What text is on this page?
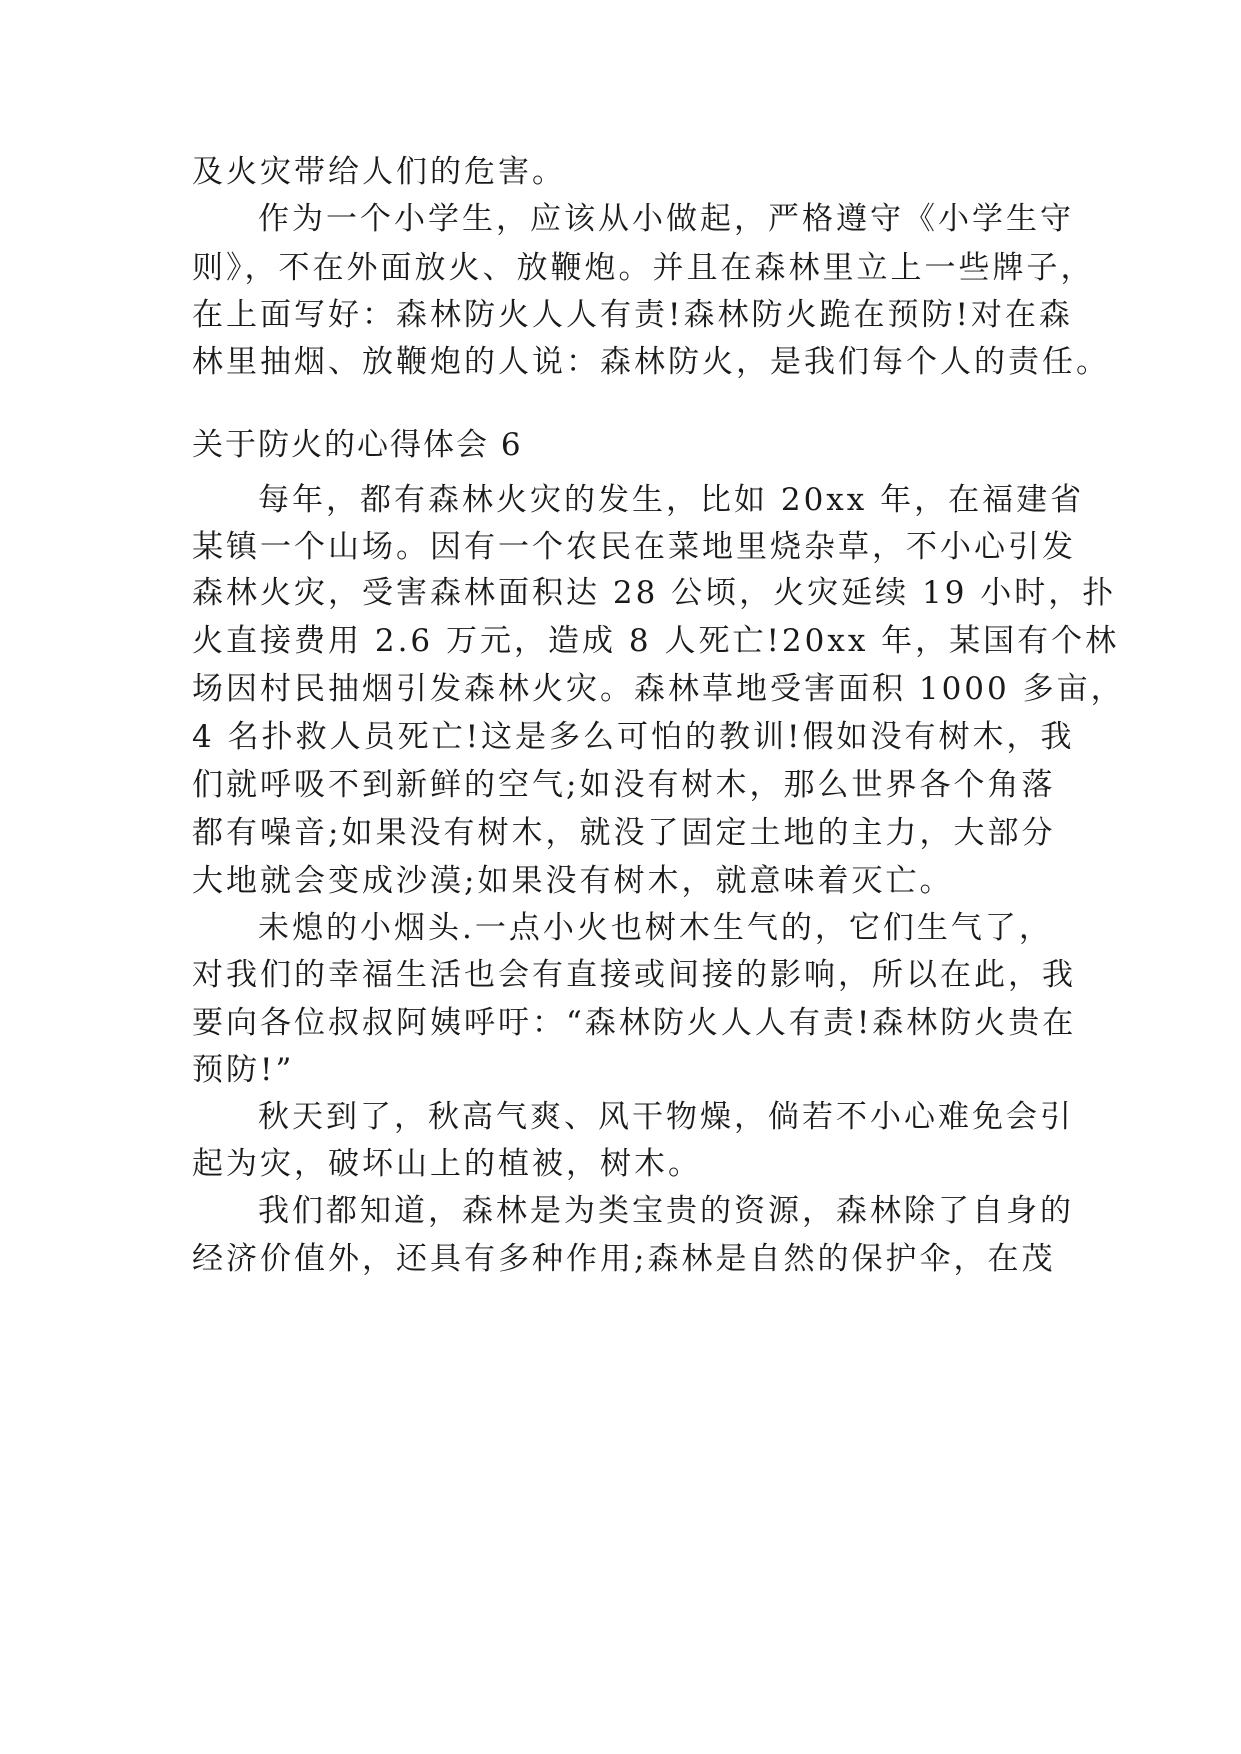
及火灾带给人们的危害。
作为一个小学生，应该从小做起，严格遵守《小学生守
则》，不在外面放火、放鞭炮。并且在森林里立上一些牌子，
在上面写好：森林防火人人有责!森林防火跪在预防!对在森
林里抽烟、放鞭炮的人说：森林防火，是我们每个人的责任。
关于防火的心得体会 6
每年，都有森林火灾的发生，比如 20xx 年，在福建省
某镇一个山场。因有一个农民在菜地里烧杂草，不小心引发
森林火灾，受害森林面积达 28 公顷，火灾延续 19 小时，扑
火直接费用 2.6 万元，造成 8 人死亡!20xx 年，某国有个林
场因村民抽烟引发森林火灾。森林草地受害面积 1000 多亩，
4 名扑救人员死亡!这是多么可怕的教训!假如没有树木，我
们就呼吸不到新鲜的空气;如没有树木，那么世界各个角落
都有噪音;如果没有树木，就没了固定土地的主力，大部分
大地就会变成沙漠;如果没有树木，就意味着灭亡。
未熄的小烟头.一点小火也树木生气的，它们生气了，
对我们的幸福生活也会有直接或间接的影响，所以在此，我
要向各位叔叔阿姨呼吁：“森林防火人人有责!森林防火贵在
预防!”
秋天到了，秋高气爽、风干物燥，倘若不小心难免会引
起为灾，破坏山上的植被，树木。
我们都知道，森林是为类宝贵的资源，森林除了自身的
经济价值外，还具有多种作用;森林是自然的保护伞，在茂
